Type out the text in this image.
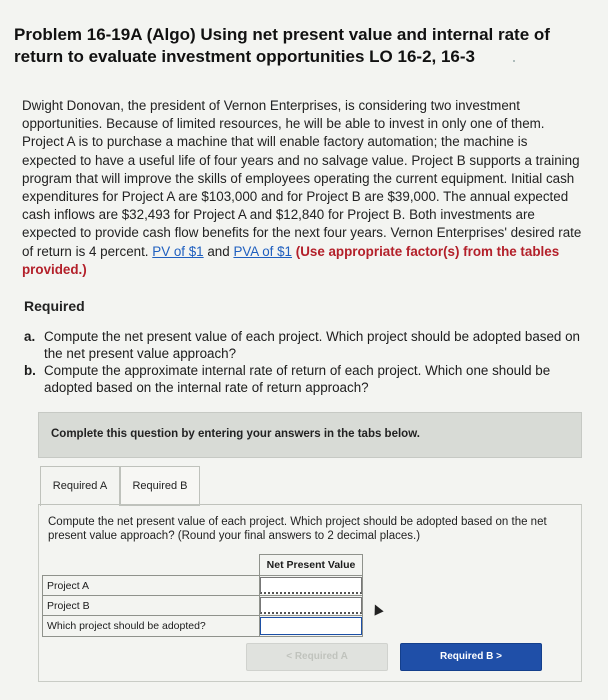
Problem 16-19A (Algo) Using net present value and internal rate of return to evaluate investment opportunities LO 16-2, 16-3
Dwight Donovan, the president of Vernon Enterprises, is considering two investment opportunities. Because of limited resources, he will be able to invest in only one of them. Project A is to purchase a machine that will enable factory automation; the machine is expected to have a useful life of four years and no salvage value. Project B supports a training program that will improve the skills of employees operating the current equipment. Initial cash expenditures for Project A are $103,000 and for Project B are $39,000. The annual expected cash inflows are $32,493 for Project A and $12,840 for Project B. Both investments are expected to provide cash flow benefits for the next four years. Vernon Enterprises' desired rate of return is 4 percent. PV of $1 and PVA of $1 (Use appropriate factor(s) from the tables provided.)
Required
a. Compute the net present value of each project. Which project should be adopted based on the net present value approach?
b. Compute the approximate internal rate of return of each project. Which one should be adopted based on the internal rate of return approach?
Complete this question by entering your answers in the tabs below.
Required A	Required B
Compute the net present value of each project. Which project should be adopted based on the net present value approach? (Round your final answers to 2 decimal places.)
	Net Present Value
Project A	

Project B	

Which project should be adopted?	
< Required A	Required B >
